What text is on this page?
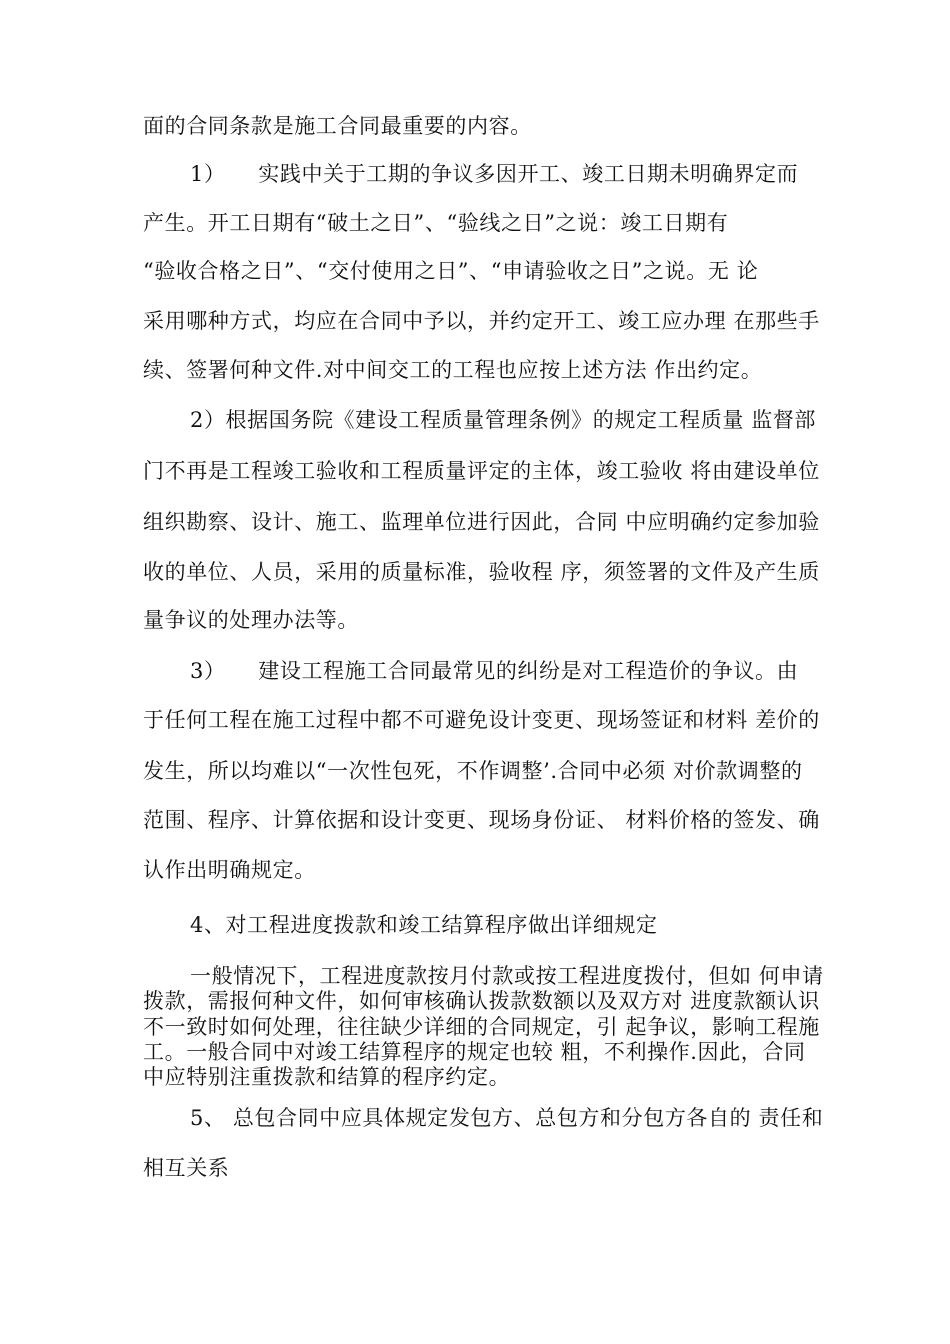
面的合同条款是施工合同最重要的内容。
1）　　实践中关于工期的争议多因开工、竣工日期未明确界定而
产生。开工日期有“破土之日”、“验线之日”之说：竣工日期有
“验收合格之日”、“交付使用之日”、“申请验收之日”之说。无 论
采用哪种方式，均应在合同中予以，并约定开工、竣工应办理 在那些手
续、签署何种文件.对中间交工的工程也应按上述方法 作出约定。
2）根据国务院《建设工程质量管理条例》的规定工程质量 监督部
门不再是工程竣工验收和工程质量评定的主体，竣工验收 将由建设单位
组织勘察、设计、施工、监理单位进行因此，合同 中应明确约定参加验
收的单位、人员，采用的质量标准，验收程 序，须签署的文件及产生质
量争议的处理办法等。
3）　　建设工程施工合同最常见的纠纷是对工程造价的争议。由
于任何工程在施工过程中都不可避免设计变更、现场签证和材料 差价的
发生，所以均难以“一次性包死，不作调整’.合同中必须 对价款调整的
范围、程序、计算依据和设计变更、现场身份证、 材料价格的签发、确
认作出明确规定。
4、对工程进度拨款和竣工结算程序做出详细规定
一般情况下，工程进度款按月付款或按工程进度拨付，但如 何申请
拨款，需报何种文件，如何审核确认拨款数额以及双方对 进度款额认识
不一致时如何处理，往往缺少详细的合同规定，引 起争议，影响工程施
工。一般合同中对竣工结算程序的规定也较 粗，不利操作.因此，合同
中应特别注重拨款和结算的程序约定。
5、 总包合同中应具体规定发包方、总包方和分包方各自的 责任和
相互关系
